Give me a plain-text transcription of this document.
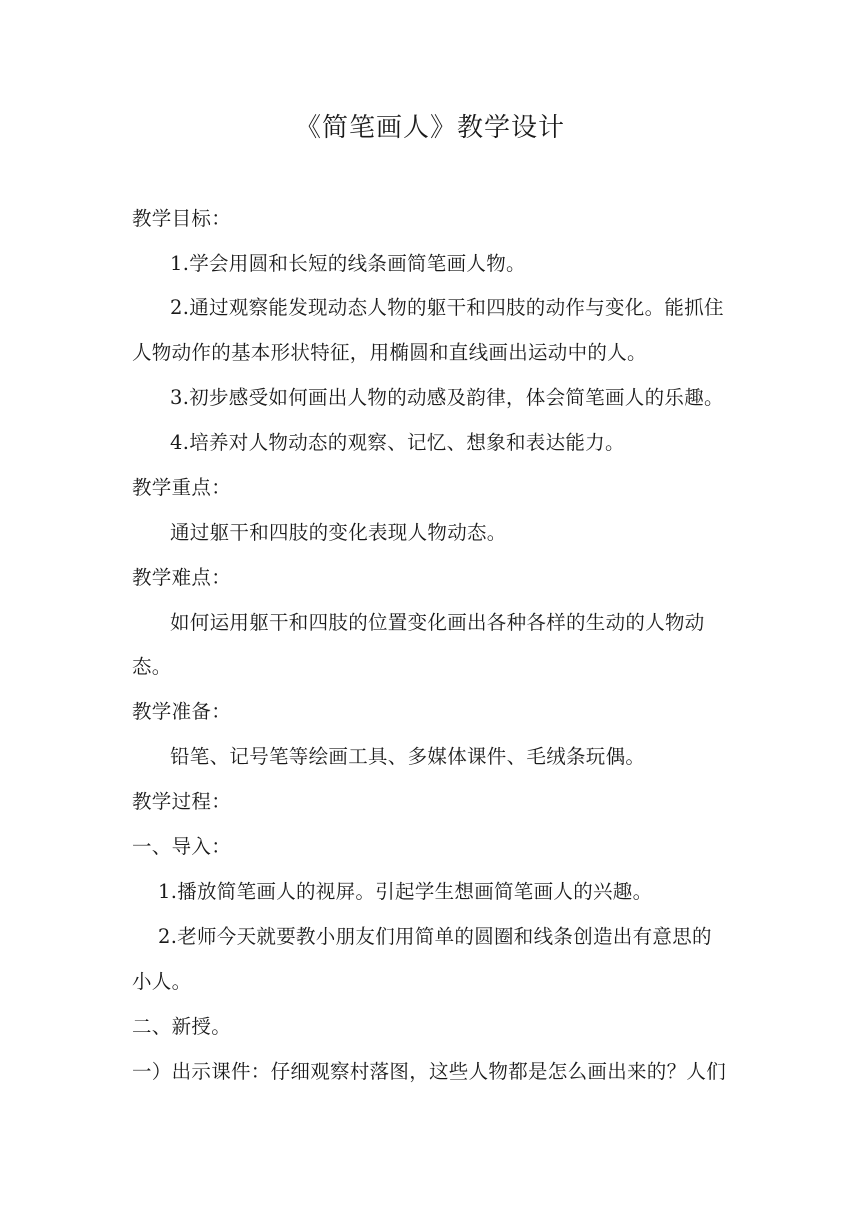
《简笔画人》教学设计
教学目标：
1.学会用圆和长短的线条画简笔画人物。
2.通过观察能发现动态人物的躯干和四肢的动作与变化。能抓住
人物动作的基本形状特征，用椭圆和直线画出运动中的人。
3.初步感受如何画出人物的动感及韵律，体会简笔画人的乐趣。
4.培养对人物动态的观察、记忆、想象和表达能力。
教学重点：
通过躯干和四肢的变化表现人物动态。
教学难点：
如何运用躯干和四肢的位置变化画出各种各样的生动的人物动
态。
教学准备：
铅笔、记号笔等绘画工具、多媒体课件、毛绒条玩偶。
教学过程：
一、导入：
1.播放简笔画人的视屏。引起学生想画简笔画人的兴趣。
2.老师今天就要教小朋友们用简单的圆圈和线条创造出有意思的
小人。
二、新授。
一）出示课件：仔细观察村落图，这些人物都是怎么画出来的？人们
